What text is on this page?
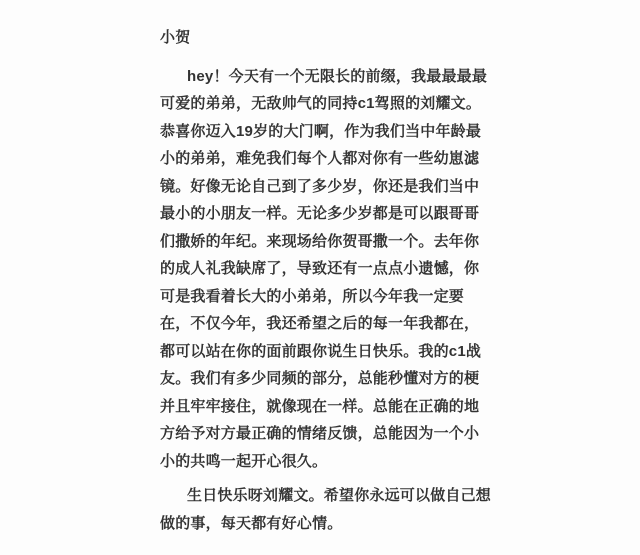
小贺

hey！今天有一个无限长的前缀，我最最最最可爱的弟弟，无敌帅气的同持c1驾照的刘耀文。恭喜你迈入19岁的大门啊，作为我们当中年龄最小的弟弟，难免我们每个人都对你有一些幼崽滤镜。好像无论自己到了多少岁，你还是我们当中最小的小朋友一样。无论多少岁都是可以跟哥哥们撒娇的年纪。来现场给你贺哥撒一个。去年你的成人礼我缺席了，导致还有一点点小遗憾，你可是我看着长大的小弟弟，所以今年我一定要在，不仅今年，我还希望之后的每一年我都在，都可以站在你的面前跟你说生日快乐。我的c1战友。我们有多少同频的部分，总能秒懂对方的梗并且牢牢接住，就像现在一样。总能在正确的地方给予对方最正确的情绪反馈，总能因为一个小小的共鸣一起开心很久。

生日快乐呀刘耀文。希望你永远可以做自己想做的事，每天都有好心情。
